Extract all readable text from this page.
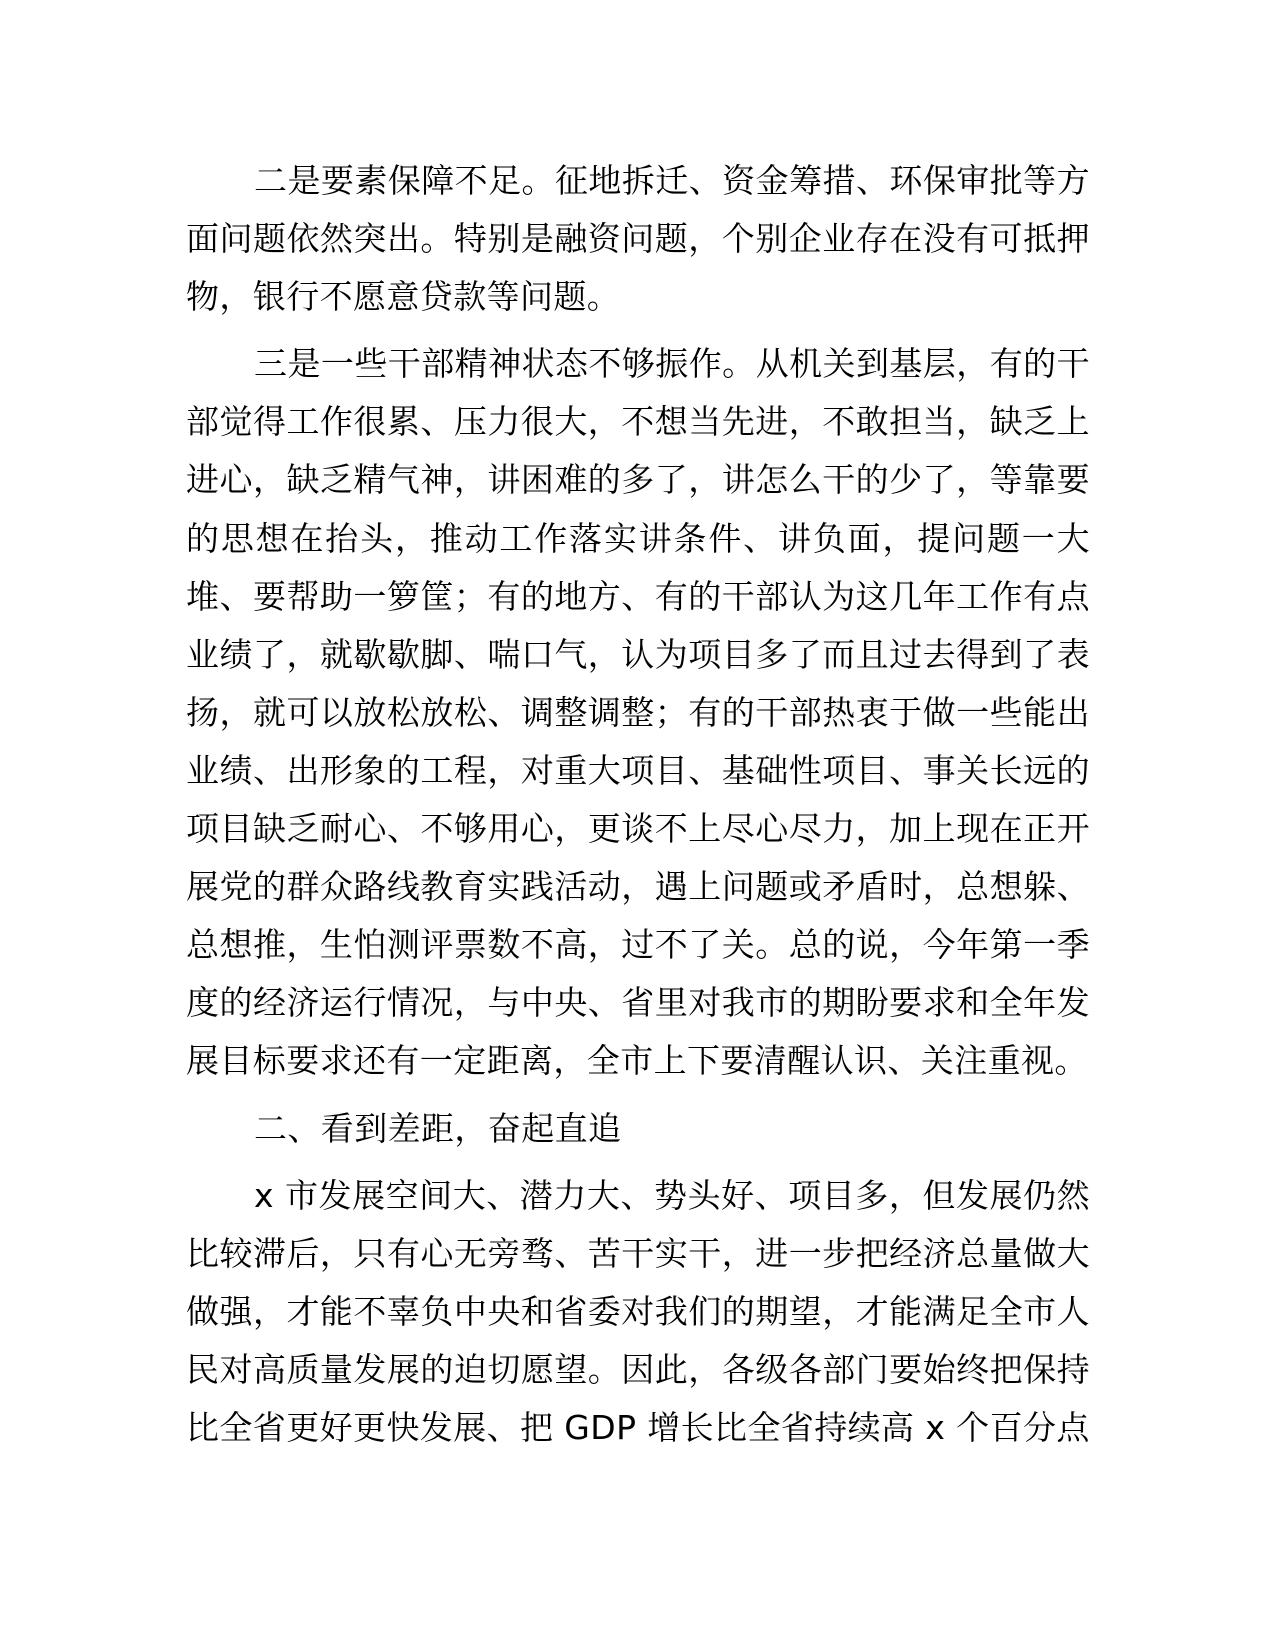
二是要素保障不足。征地拆迁、资金筹措、环保审批等方面问题依然突出。特别是融资问题，个别企业存在没有可抵押物，银行不愿意贷款等问题。

三是一些干部精神状态不够振作。从机关到基层，有的干部觉得工作很累、压力很大，不想当先进，不敢担当，缺乏上进心，缺乏精气神，讲困难的多了，讲怎么干的少了，等靠要的思想在抬头，推动工作落实讲条件、讲负面，提问题一大堆、要帮助一箩筐；有的地方、有的干部认为这几年工作有点业绩了，就歇歇脚、喘口气，认为项目多了而且过去得到了表扬，就可以放松放松、调整调整；有的干部热衷于做一些能出业绩、出形象的工程，对重大项目、基础性项目、事关长远的项目缺乏耐心、不够用心，更谈不上尽心尽力，加上现在正开展党的群众路线教育实践活动，遇上问题或矛盾时，总想躲、总想推，生怕测评票数不高，过不了关。总的说，今年第一季度的经济运行情况，与中央、省里对我市的期盼要求和全年发展目标要求还有一定距离，全市上下要清醒认识、关注重视。

二、看到差距，奋起直追

x 市发展空间大、潜力大、势头好、项目多，但发展仍然比较滞后，只有心无旁骛、苦干实干，进一步把经济总量做大做强，才能不辜负中央和省委对我们的期望，才能满足全市人民对高质量发展的迫切愿望。因此，各级各部门要始终把保持比全省更好更快发展、把 GDP 增长比全省持续高 x 个百分点
